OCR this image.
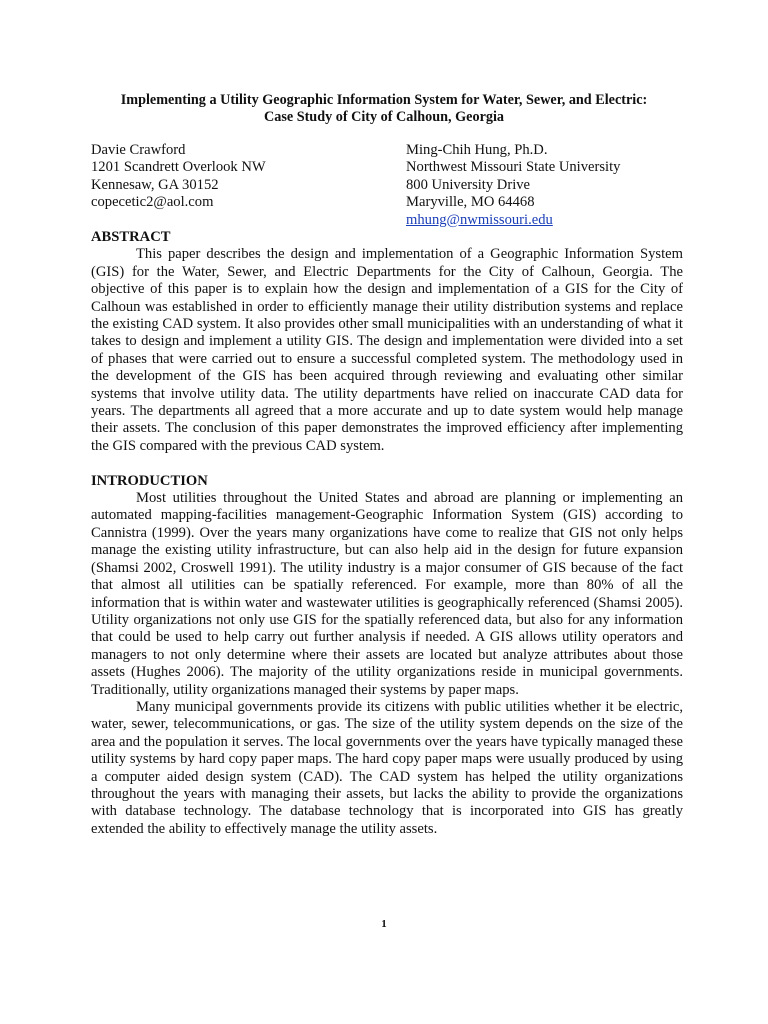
Implementing a Utility Geographic Information System for Water, Sewer, and Electric:
Case Study of City of Calhoun, Georgia
Davie Crawford
1201 Scandrett Overlook NW
Kennesaw, GA 30152
copecetic2@aol.com
Ming-Chih Hung, Ph.D.
Northwest Missouri State University
800 University Drive
Maryville, MO 64468
mhung@nwmissouri.edu
ABSTRACT

This paper describes the design and implementation of a Geographic Information System (GIS) for the Water, Sewer, and Electric Departments for the City of Calhoun, Georgia. The objective of this paper is to explain how the design and implementation of a GIS for the City of Calhoun was established in order to efficiently manage their utility distribution systems and replace the existing CAD system. It also provides other small municipalities with an understanding of what it takes to design and implement a utility GIS. The design and implementation were divided into a set of phases that were carried out to ensure a successful completed system. The methodology used in the development of the GIS has been acquired through reviewing and evaluating other similar systems that involve utility data. The utility departments have relied on inaccurate CAD data for years. The departments all agreed that a more accurate and up to date system would help manage their assets. The conclusion of this paper demonstrates the improved efficiency after implementing the GIS compared with the previous CAD system.

INTRODUCTION

Most utilities throughout the United States and abroad are planning or implementing an automated mapping-facilities management-Geographic Information System (GIS) according to Cannistra (1999). Over the years many organizations have come to realize that GIS not only helps manage the existing utility infrastructure, but can also help aid in the design for future expansion (Shamsi 2002, Croswell 1991). The utility industry is a major consumer of GIS because of the fact that almost all utilities can be spatially referenced. For example, more than 80% of all the information that is within water and wastewater utilities is geographically referenced (Shamsi 2005). Utility organizations not only use GIS for the spatially referenced data, but also for any information that could be used to help carry out further analysis if needed. A GIS allows utility operators and managers to not only determine where their assets are located but analyze attributes about those assets (Hughes 2006). The majority of the utility organizations reside in municipal governments. Traditionally, utility organizations managed their systems by paper maps.

Many municipal governments provide its citizens with public utilities whether it be electric, water, sewer, telecommunications, or gas. The size of the utility system depends on the size of the area and the population it serves. The local governments over the years have typically managed these utility systems by hard copy paper maps. The hard copy paper maps were usually produced by using a computer aided design system (CAD). The CAD system has helped the utility organizations throughout the years with managing their assets, but lacks the ability to provide the organizations with database technology. The database technology that is incorporated into GIS has greatly extended the ability to effectively manage the utility assets.

1
